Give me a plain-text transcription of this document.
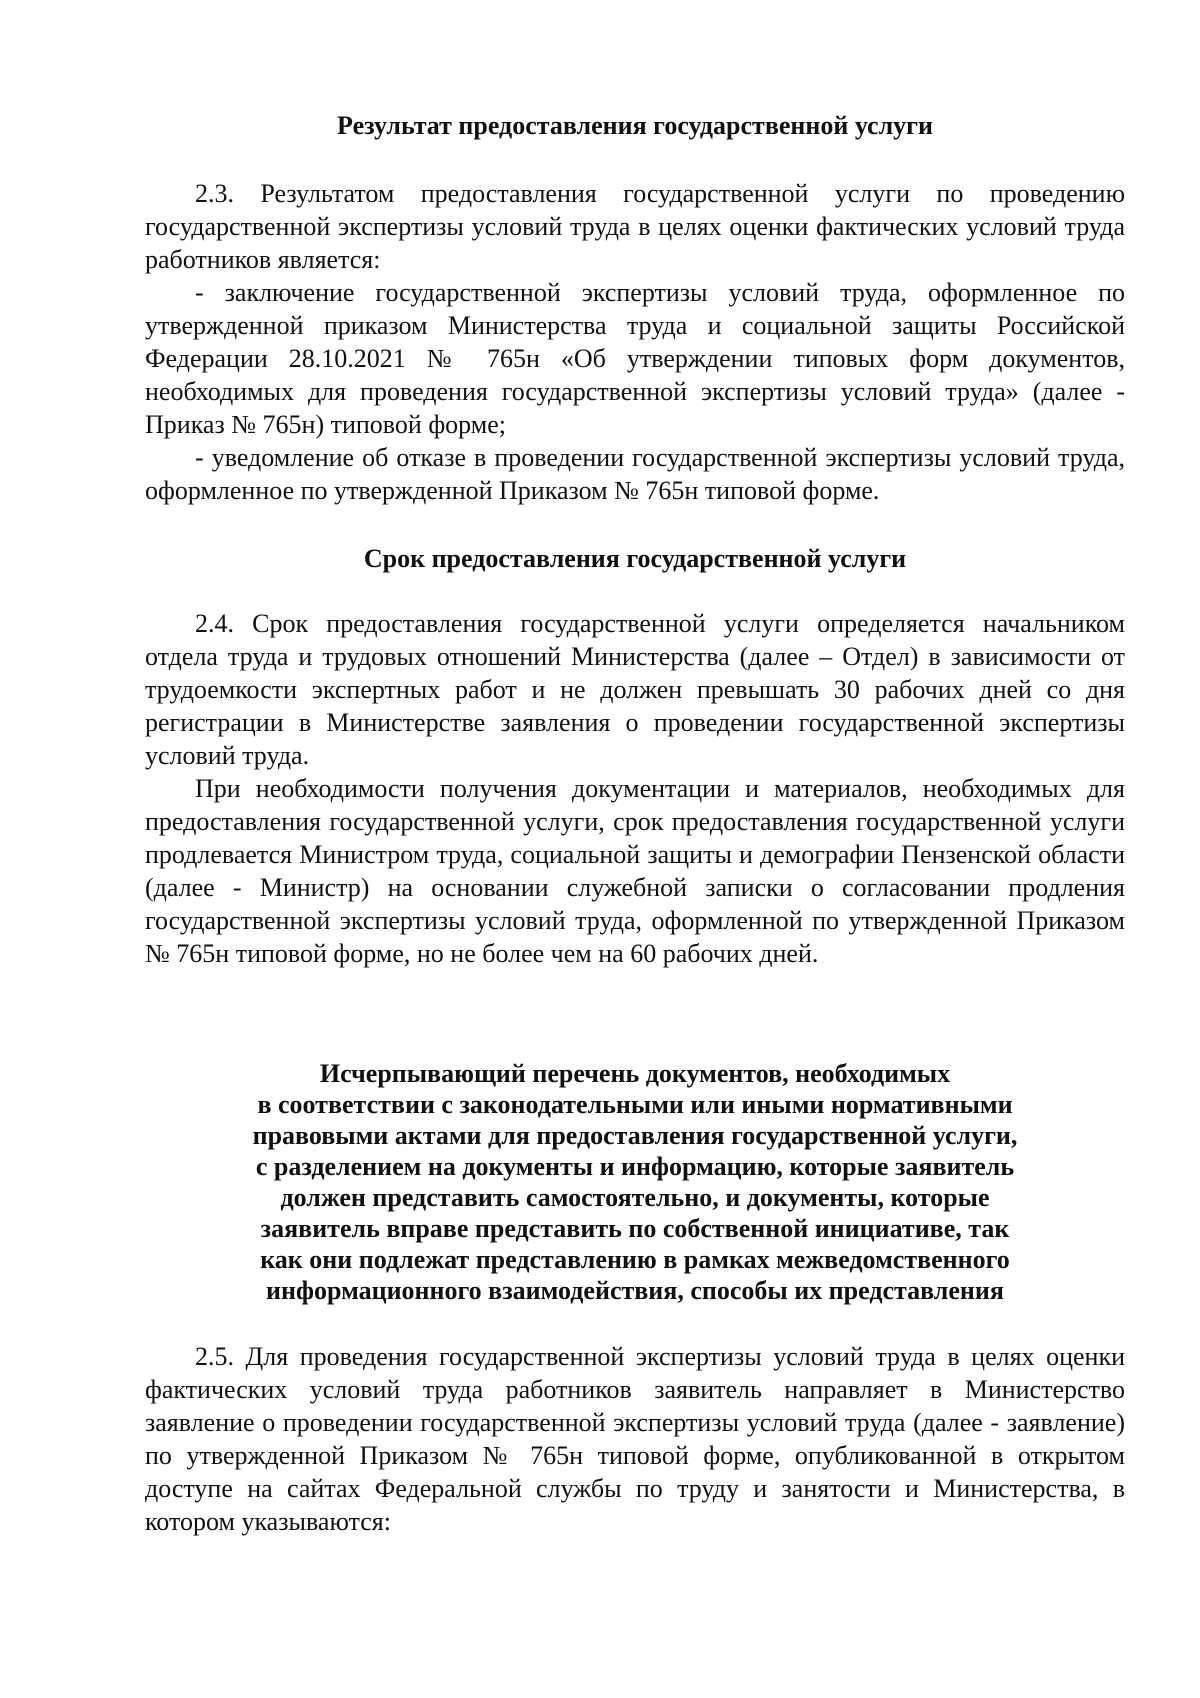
Результат предоставления государственной услуги

2.3. Результатом предоставления государственной услуги по проведению государственной экспертизы условий труда в целях оценки фактических условий труда работников является:

- заключение государственной экспертизы условий труда, оформленное по утвержденной приказом Министерства труда и социальной защиты Российской Федерации 28.10.2021 № 765н «Об утверждении типовых форм документов, необходимых для проведения государственной экспертизы условий труда» (далее - Приказ № 765н) типовой форме;

- уведомление об отказе в проведении государственной экспертизы условий труда, оформленное по утвержденной Приказом № 765н типовой форме.

Срок предоставления государственной услуги

2.4. Срок предоставления государственной услуги определяется начальником отдела труда и трудовых отношений Министерства (далее – Отдел) в зависимости от трудоемкости экспертных работ и не должен превышать 30 рабочих дней со дня регистрации в Министерстве заявления о проведении государственной экспертизы условий труда.

При необходимости получения документации и материалов, необходимых для предоставления государственной услуги, срок предоставления государственной услуги продлевается Министром труда, социальной защиты и демографии Пензенской области (далее - Министр) на основании служебной записки о согласовании продления государственной экспертизы условий труда, оформленной по утвержденной Приказом № 765н типовой форме, но не более чем на 60 рабочих дней.

Исчерпывающий перечень документов, необходимых
в соответствии с законодательными или иными нормативными
правовыми актами для предоставления государственной услуги,
с разделением на документы и информацию, которые заявитель
должен представить самостоятельно, и документы, которые
заявитель вправе представить по собственной инициативе, так
как они подлежат представлению в рамках межведомственного
информационного взаимодействия, способы их представления

2.5. Для проведения государственной экспертизы условий труда в целях оценки фактических условий труда работников заявитель направляет в Министерство заявление о проведении государственной экспертизы условий труда (далее - заявление) по утвержденной Приказом № 765н типовой форме, опубликованной в открытом доступе на сайтах Федеральной службы по труду и занятости и Министерства, в котором указываются:
